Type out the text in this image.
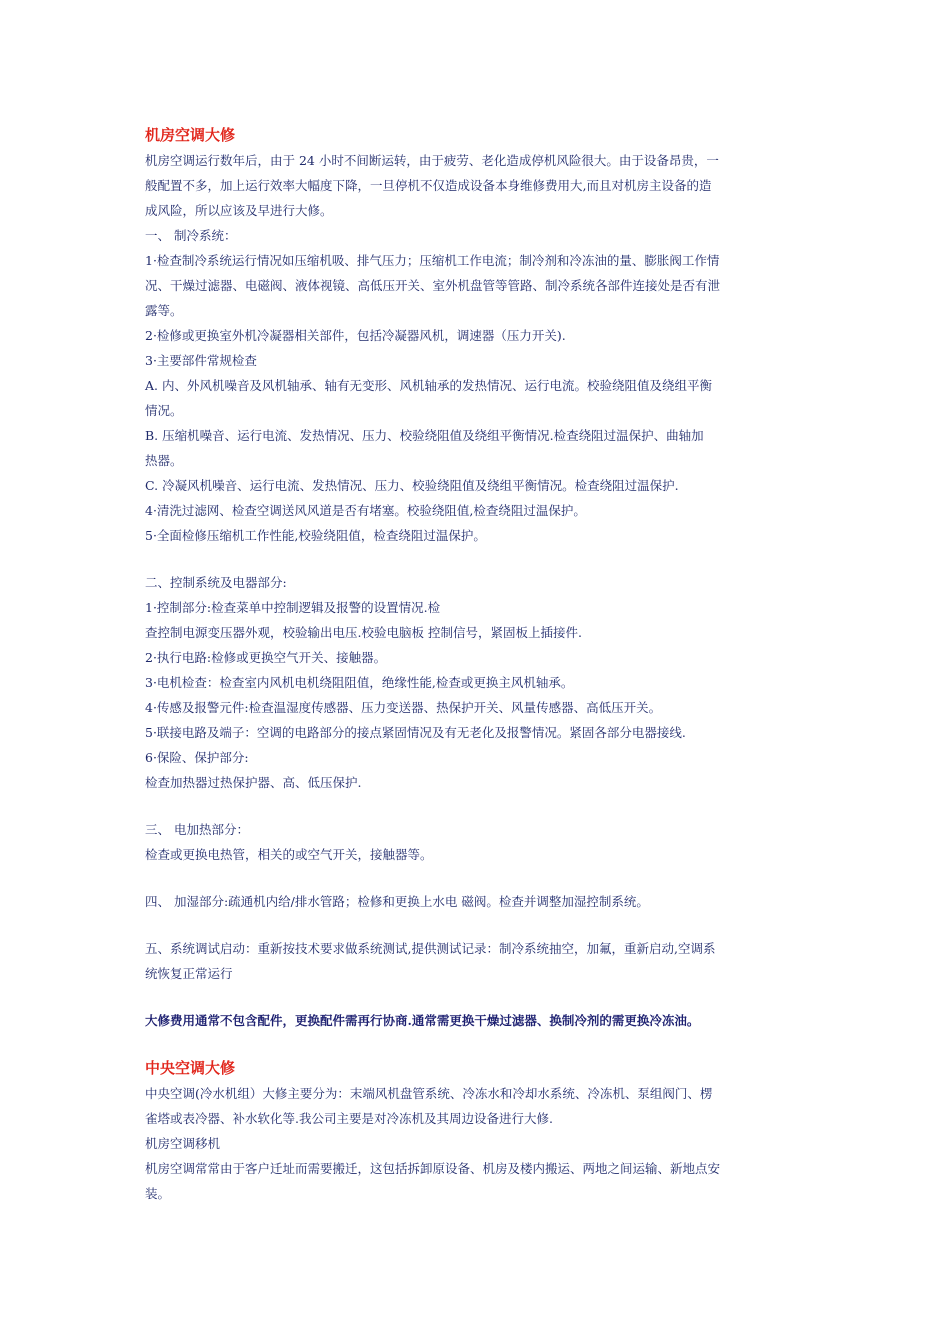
机房空调大修
机房空调运行数年后，由于 24 小时不间断运转，由于疲劳、老化造成停机风险很大。由于设备昂贵，一
般配置不多，加上运行效率大幅度下降，一旦停机不仅造成设备本身维修费用大,而且对机房主设备的造
成风险，所以应该及早进行大修。
一、 制冷系统：
1·检查制冷系统运行情况如压缩机吸、排气压力；压缩机工作电流；制冷剂和冷冻油的量、膨胀阀工作情
况、干燥过滤器、电磁阀、液体视镜、高低压开关、室外机盘管等管路、制冷系统各部件连接处是否有泄
露等。
2·检修或更换室外机冷凝器相关部件，包括冷凝器风机，调速器（压力开关).
3·主要部件常规检查
A. 内、外风机噪音及风机轴承、轴有无变形、风机轴承的发热情况、运行电流。校验绕阻值及绕组平衡
情况。
B. 压缩机噪音、运行电流、发热情况、压力、校验绕阻值及绕组平衡情况.检查绕阻过温保护、曲轴加
热器。
C. 冷凝风机噪音、运行电流、发热情况、压力、校验绕阻值及绕组平衡情况。检查绕阻过温保护.
4·清洗过滤网、检查空调送风风道是否有堵塞。校验绕阻值,检查绕阻过温保护。
5·全面检修压缩机工作性能,校验绕阻值，检查绕阻过温保护。
二、控制系统及电器部分:
1·控制部分:检查菜单中控制逻辑及报警的设置情况.检
查控制电源变压器外观，校验输出电压.校验电脑板 控制信号，紧固板上插接件.
2·执行电路:检修或更换空气开关、接触器。
3·电机检查：检查室内风机电机绕阻阻值，绝缘性能,检查或更换主风机轴承。
4·传感及报警元件:检查温湿度传感器、压力变送器、热保护开关、风量传感器、高低压开关。
5·联接电路及端子：空调的电路部分的接点紧固情况及有无老化及报警情况。紧固各部分电器接线.
6·保险、保护部分:
检查加热器过热保护器、高、低压保护.
三、 电加热部分：
检查或更换电热管，相关的或空气开关，接触器等。
四、 加湿部分:疏通机内给/排水管路；检修和更换上水电 磁阀。检查并调整加湿控制系统。
五、系统调试启动：重新按技术要求做系统测试,提供测试记录：制冷系统抽空，加氟，重新启动,空调系
统恢复正常运行
大修费用通常不包含配件，更换配件需再行协商.通常需更换干燥过滤器、换制冷剂的需更换冷冻油。
中央空调大修
中央空调(冷水机组）大修主要分为：末端风机盘管系统、冷冻水和冷却水系统、冷冻机、泵组阀门、楞
雀塔或表冷器、补水软化等.我公司主要是对冷冻机及其周边设备进行大修.
机房空调移机
机房空调常常由于客户迁址而需要搬迁，这包括拆卸原设备、机房及楼内搬运、两地之间运输、新地点安
装。
